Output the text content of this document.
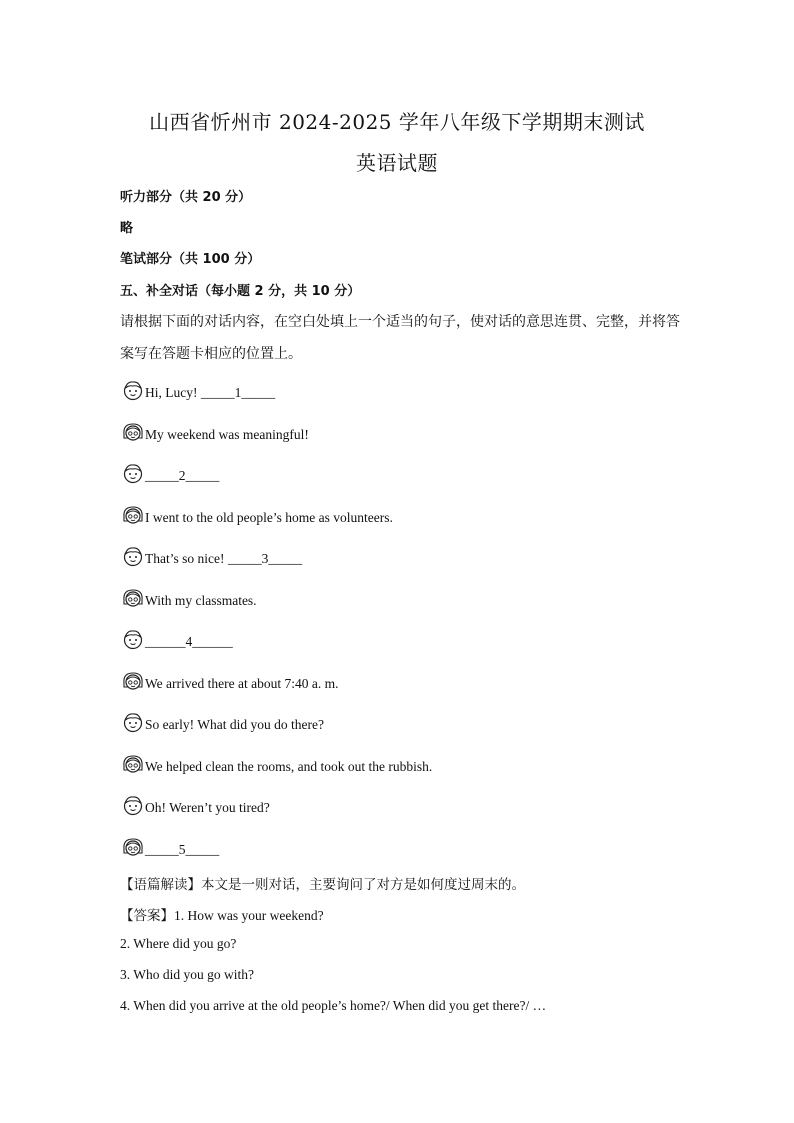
山西省忻州市 2024-2025 学年八年级下学期期末测试
英语试题
听力部分（共 20 分）
略
笔试部分（共 100 分）
五、补全对话（每小题 2 分，共 10 分）
请根据下面的对话内容，在空白处填上一个适当的句子，使对话的意思连贯、完整，并将答
案写在答题卡相应的位置上。
Hi, Lucy! _____1_____
My weekend was meaningful!
_____2_____
I went to the old people’s home as volunteers.
That’s so nice! _____3_____
With my classmates.
______4______
We arrived there at about 7:40 a. m.
So early! What did you do there?
We helped clean the rooms, and took out the rubbish.
Oh! Weren’t you tired?
_____5_____
【语篇解读】本文是一则对话，主要询问了对方是如何度过周末的。
【答案】1. How was your weekend?
2. Where did you go?
3. Who did you go with?
4. When did you arrive at the old people’s home?/ When did you get there?/ …
